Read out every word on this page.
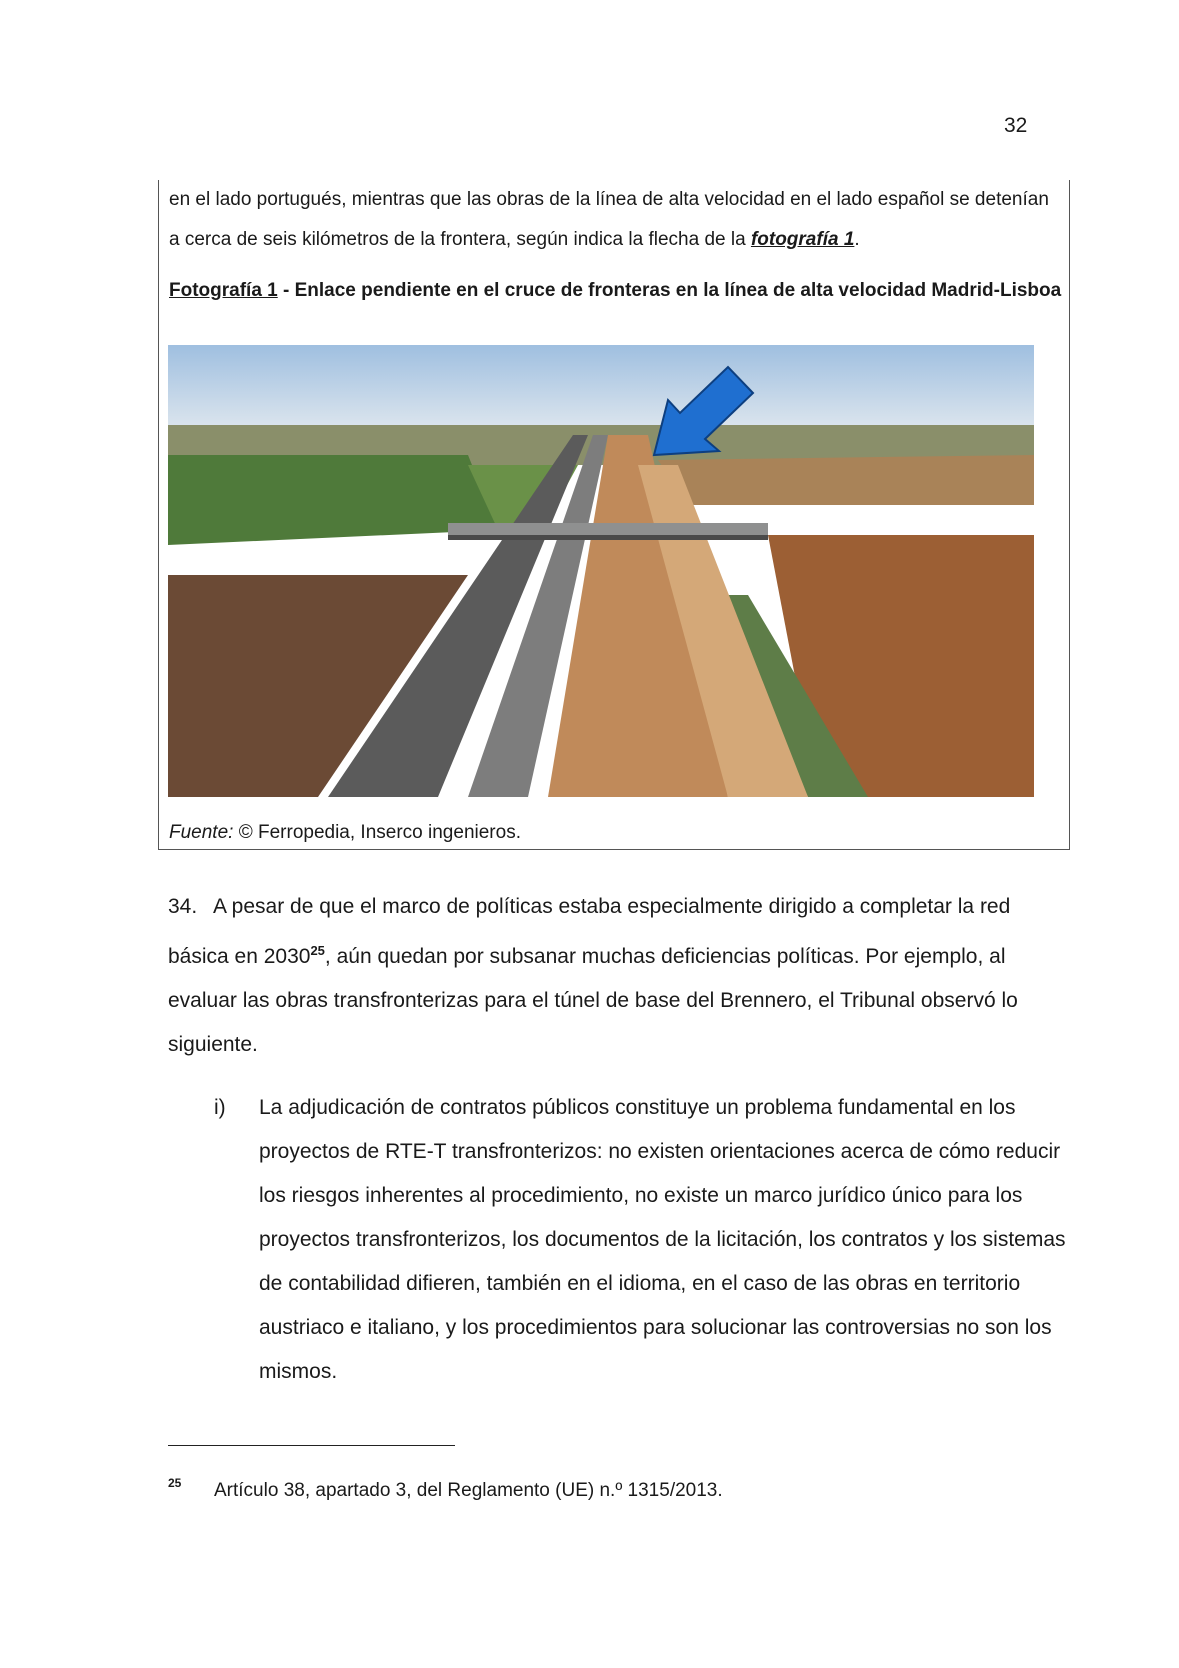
32
en el lado portugués, mientras que las obras de la línea de alta velocidad en el lado español se detenían a cerca de seis kilómetros de la frontera, según indica la flecha de la fotografía 1.
Fotografía 1 - Enlace pendiente en el cruce de fronteras en la línea de alta velocidad Madrid-Lisboa
Fuente: © Ferropedia, Inserco ingenieros.
34. A pesar de que el marco de políticas estaba especialmente dirigido a completar la red básica en 2030$^{25}$, aún quedan por subsanar muchas deficiencias políticas. Por ejemplo, al evaluar las obras transfronterizas para el túnel de base del Brennero, el Tribunal observó lo siguiente.
i) La adjudicación de contratos públicos constituye un problema fundamental en los proyectos de RTE-T transfronterizos: no existen orientaciones acerca de cómo reducir los riesgos inherentes al procedimiento, no existe un marco jurídico único para los proyectos transfronterizos, los documentos de la licitación, los contratos y los sistemas de contabilidad difieren, también en el idioma, en el caso de las obras en territorio austriaco e italiano, y los procedimientos para solucionar las controversias no son los mismos.
25 Artículo 38, apartado 3, del Reglamento (UE) n.º 1315/2013.
